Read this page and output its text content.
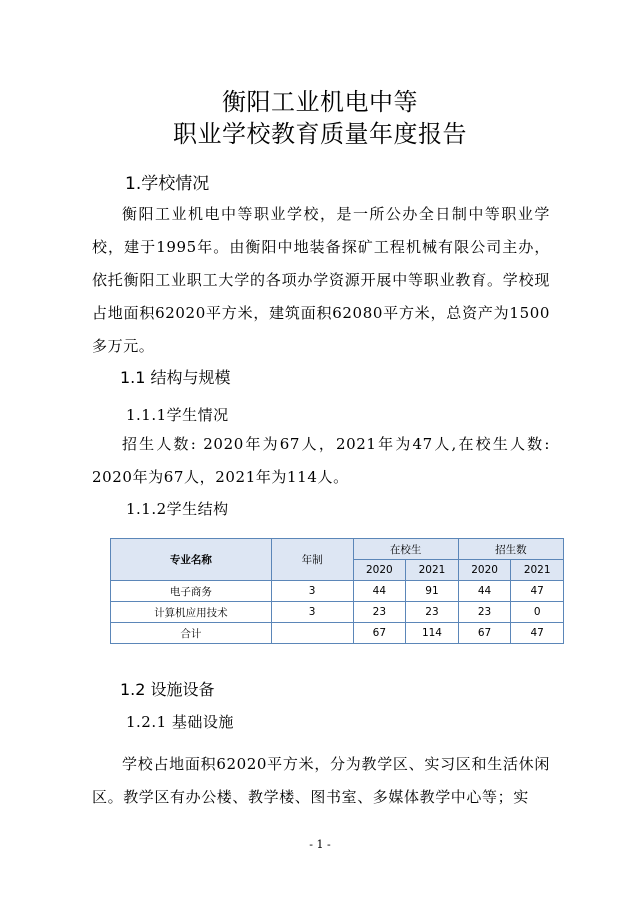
衡阳工业机电中等
职业学校教育质量年度报告
1.学校情况
衡阳工业机电中等职业学校，是一所公办全日制中等职业学校，建于1995年。由衡阳中地装备探矿工程机械有限公司主办，依托衡阳工业职工大学的各项办学资源开展中等职业教育。学校现占地面积62020平方米，建筑面积62080平方米，总资产为1500多万元。
1.1 结构与规模
1.1.1学生情况
招生人数: 2020年为67人，2021年为47人,在校生人数: 2020年为67人，2021年为114人。
1.1.2学生结构
专业名称	年制	在校生		招生数	
		2020	2021	2020	2021
电子商务	3	44	91	44	47
计算机应用技术	3	23	23	23	0
合计		67	114	67	47
1.2 设施设备
1.2.1 基础设施
学校占地面积62020平方米，分为教学区、实习区和生活休闲区。教学区有办公楼、教学楼、图书室、多媒体教学中心等；实
- 1 -
